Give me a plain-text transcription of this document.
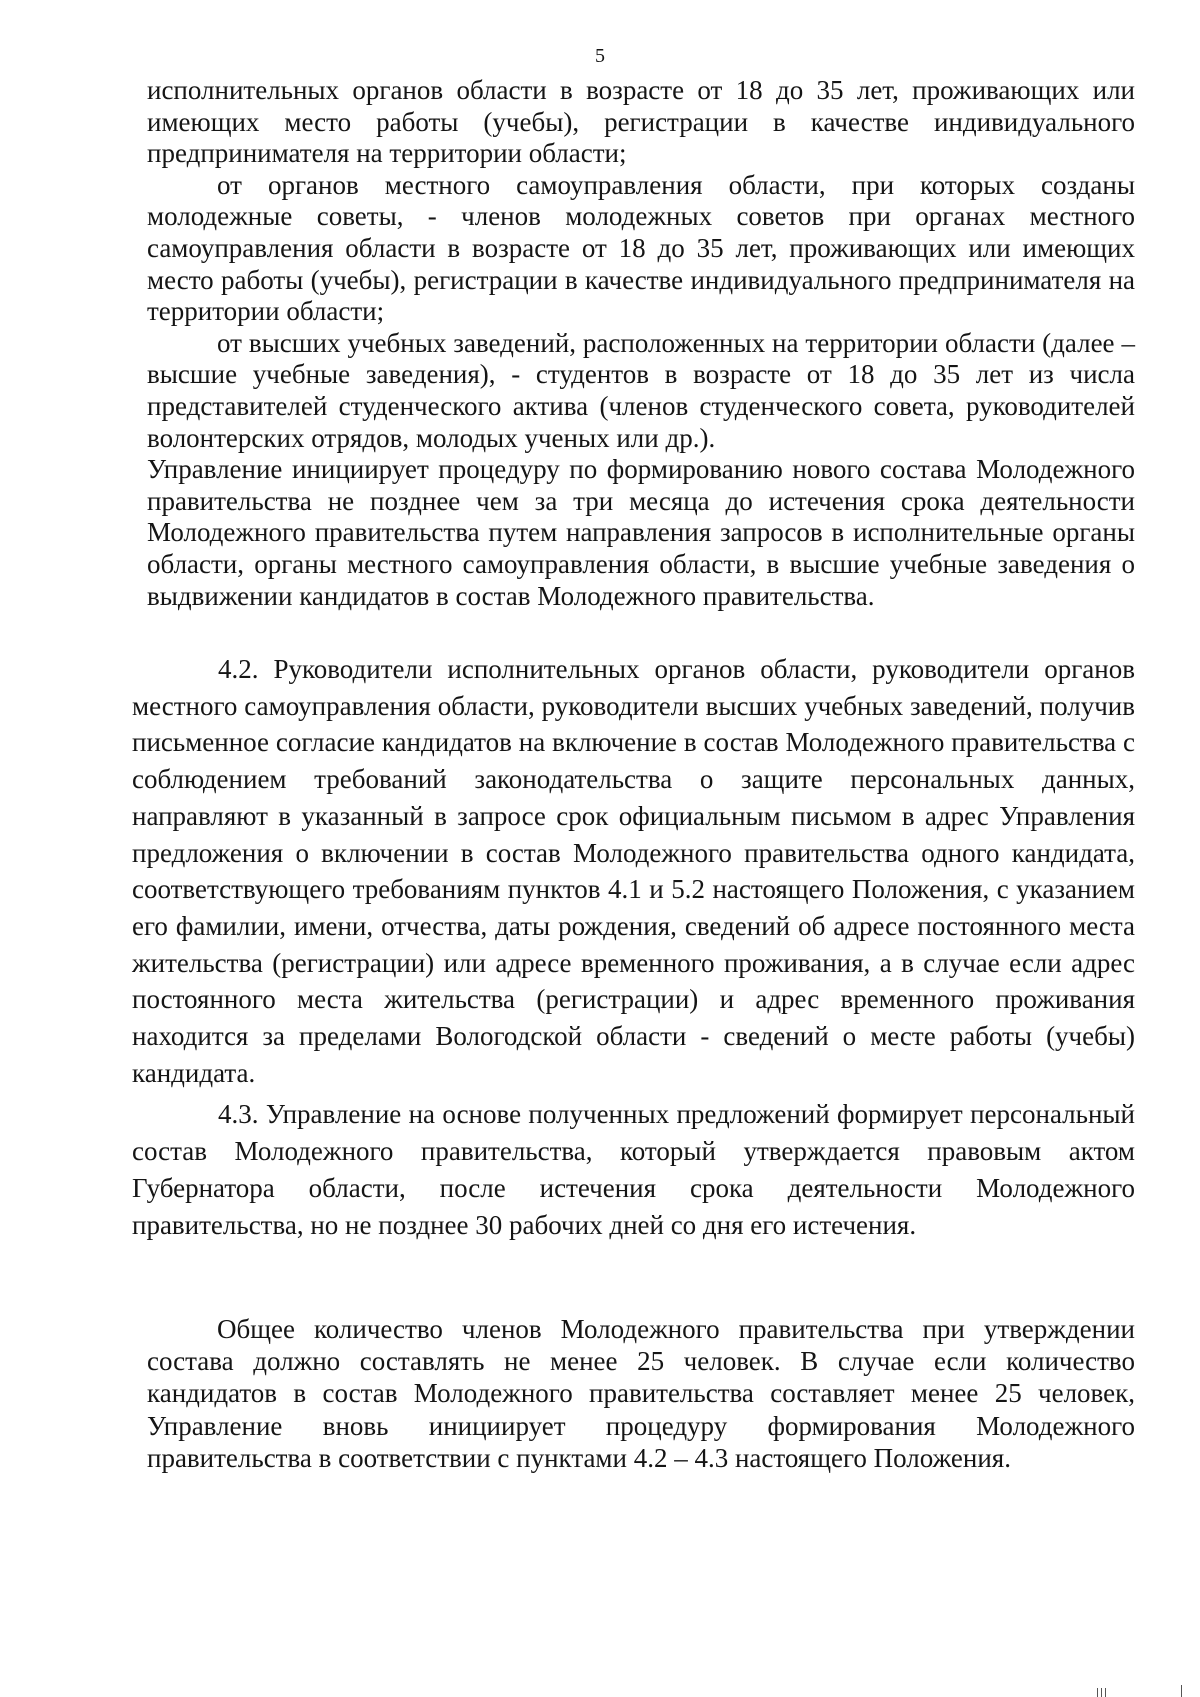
5

исполнительных органов области в возрасте от 18 до 35 лет, проживающих или имеющих место работы (учебы), регистрации в качестве индивидуального предпринимателя на территории области;

от органов местного самоуправления области, при которых созданы молодежные советы, - членов молодежных советов при органах местного самоуправления области в возрасте от 18 до 35 лет, проживающих или имеющих место работы (учебы), регистрации в качестве индивидуального предпринимателя на территории области;

от высших учебных заведений, расположенных на территории области (далее – высшие учебные заведения), - студентов в возрасте от 18 до 35 лет из числа представителей студенческого актива (членов студенческого совета, руководителей волонтерских отрядов, молодых ученых или др.).

Управление инициирует процедуру по формированию нового состава Молодежного правительства не позднее чем за три месяца до истечения срока деятельности Молодежного правительства путем направления запросов в исполнительные органы области, органы местного самоуправления области, в высшие учебные заведения о выдвижении кандидатов в состав Молодежного правительства.

4.2. Руководители исполнительных органов области, руководители органов местного самоуправления области, руководители высших учебных заведений, получив письменное согласие кандидатов на включение в состав Молодежного правительства с соблюдением требований законодательства о защите персональных данных, направляют в указанный в запросе срок официальным письмом в адрес Управления предложения о включении в состав Молодежного правительства одного кандидата, соответствующего требованиям пунктов 4.1 и 5.2 настоящего Положения, с указанием его фамилии, имени, отчества, даты рождения, сведений об адресе постоянного места жительства (регистрации) или адресе временного проживания, а в случае если адрес постоянного места жительства (регистрации) и адрес временного проживания находится за пределами Вологодской области - сведений о месте работы (учебы) кандидата.

4.3. Управление на основе полученных предложений формирует персональный состав Молодежного правительства, который утверждается правовым актом Губернатора области, после истечения срока деятельности Молодежного правительства, но не позднее 30 рабочих дней со дня его истечения.

Общее количество членов Молодежного правительства при утверждении состава должно составлять не менее 25 человек. В случае если количество кандидатов в состав Молодежного правительства составляет менее 25 человек, Управление вновь инициирует процедуру формирования Молодежного правительства в соответствии с пунктами 4.2 – 4.3 настоящего Положения.
